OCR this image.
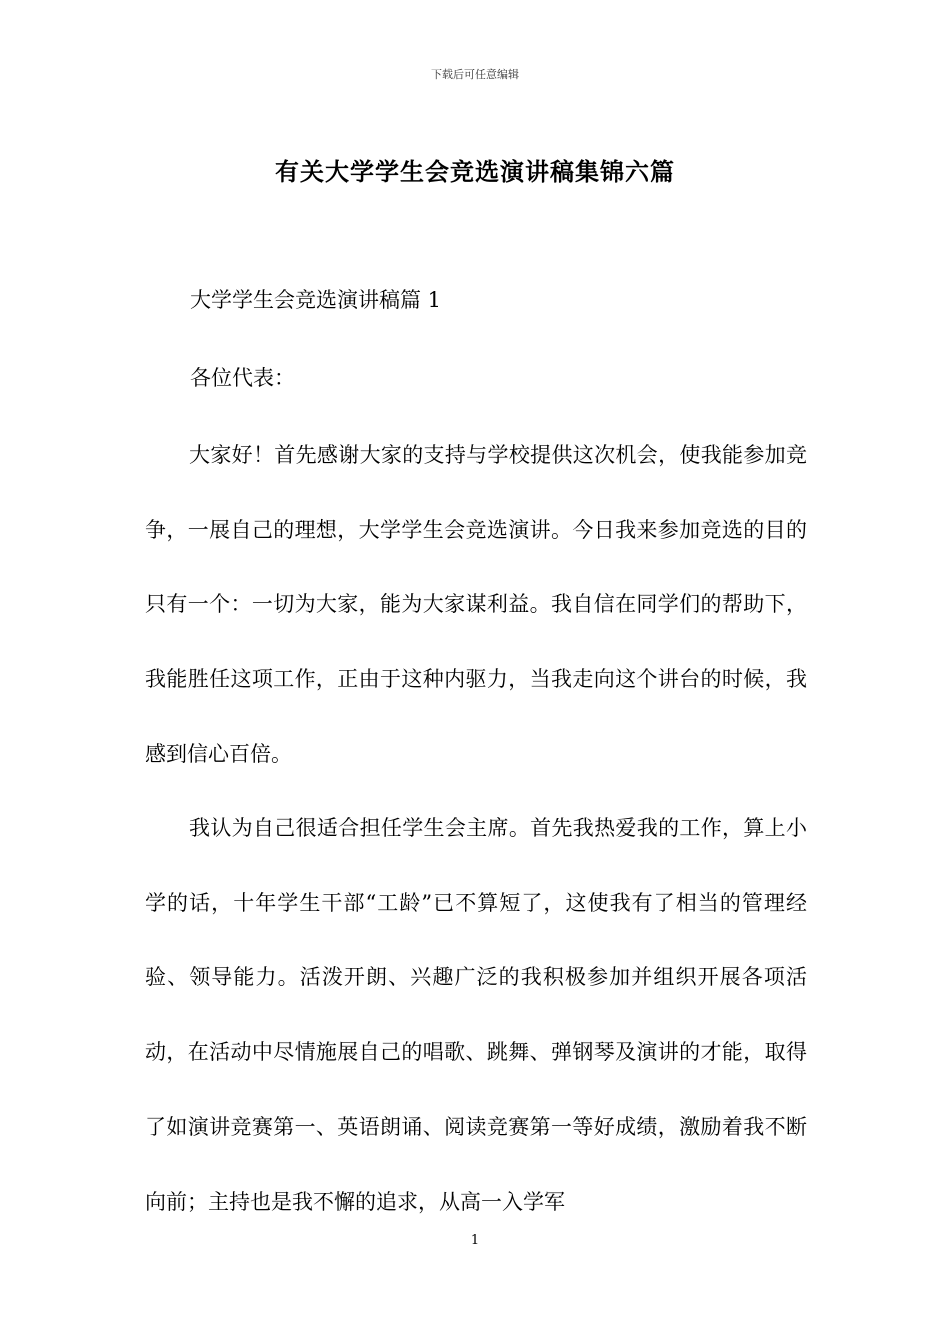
下载后可任意编辑
有关大学学生会竞选演讲稿集锦六篇
大学学生会竞选演讲稿篇 1
各位代表：
大家好！首先感谢大家的支持与学校提供这次机会，使我能参加竞争，一展自己的理想，大学学生会竞选演讲。今日我来参加竞选的目的只有一个：一切为大家，能为大家谋利益。我自信在同学们的帮助下，我能胜任这项工作，正由于这种内驱力，当我走向这个讲台的时候，我感到信心百倍。
我认为自己很适合担任学生会主席。首先我热爱我的工作，算上小学的话，十年学生干部“工龄”已不算短了，这使我有了相当的管理经验、领导能力。活泼开朗、兴趣广泛的我积极参加并组织开展各项活动，在活动中尽情施展自己的唱歌、跳舞、弹钢琴及演讲的才能，取得了如演讲竞赛第一、英语朗诵、阅读竞赛第一等好成绩，激励着我不断向前；主持也是我不懈的追求，从高一入学军
1
